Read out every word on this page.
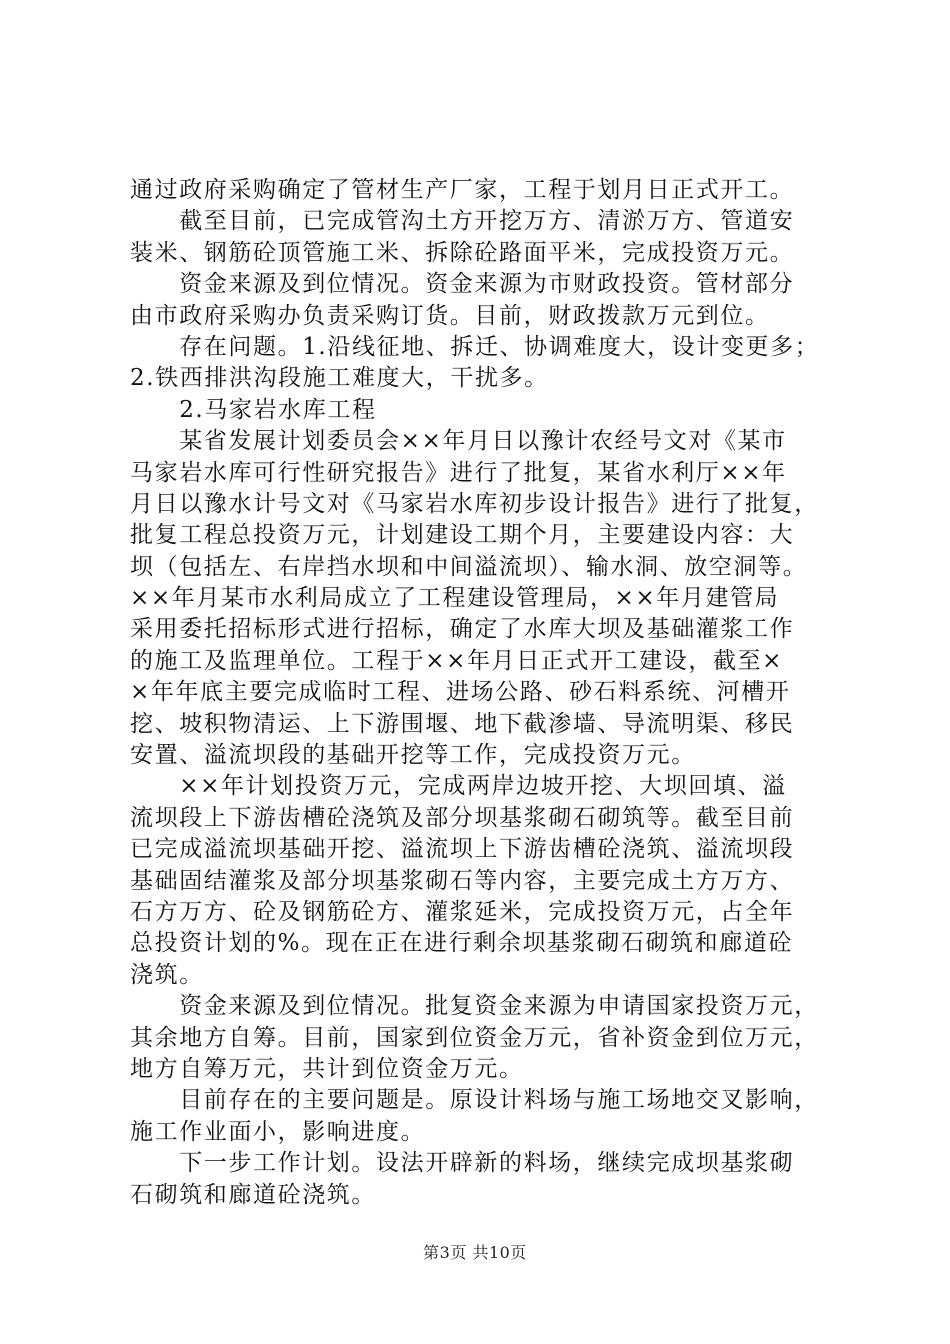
通过政府采购确定了管材生产厂家，工程于划月日正式开工。
　　截至目前，已完成管沟土方开挖万方、清淤万方、管道安
装米、钢筋砼顶管施工米、拆除砼路面平米，完成投资万元。
　　资金来源及到位情况。资金来源为市财政投资。管材部分
由市政府采购办负责采购订货。目前，财政拨款万元到位。
　　存在问题。1.沿线征地、拆迁、协调难度大，设计变更多；
2.铁西排洪沟段施工难度大，干扰多。
　　2.马家岩水库工程
　　某省发展计划委员会××年月日以豫计农经号文对《某市
马家岩水库可行性研究报告》进行了批复，某省水利厅××年
月日以豫水计号文对《马家岩水库初步设计报告》进行了批复，
批复工程总投资万元，计划建设工期个月，主要建设内容：大
坝（包括左、右岸挡水坝和中间溢流坝）、输水洞、放空洞等。
××年月某市水利局成立了工程建设管理局，××年月建管局
采用委托招标形式进行招标，确定了水库大坝及基础灌浆工作
的施工及监理单位。工程于××年月日正式开工建设，截至×
×年年底主要完成临时工程、进场公路、砂石料系统、河槽开
挖、坡积物清运、上下游围堰、地下截渗墙、导流明渠、移民
安置、溢流坝段的基础开挖等工作，完成投资万元。
　　××年计划投资万元，完成两岸边坡开挖、大坝回填、溢
流坝段上下游齿槽砼浇筑及部分坝基浆砌石砌筑等。截至目前
已完成溢流坝基础开挖、溢流坝上下游齿槽砼浇筑、溢流坝段
基础固结灌浆及部分坝基浆砌石等内容，主要完成土方万方、
石方万方、砼及钢筋砼方、灌浆延米，完成投资万元，占全年
总投资计划的%。现在正在进行剩余坝基浆砌石砌筑和廊道砼
浇筑。
　　资金来源及到位情况。批复资金来源为申请国家投资万元，
其余地方自筹。目前，国家到位资金万元，省补资金到位万元，
地方自筹万元，共计到位资金万元。
　　目前存在的主要问题是。原设计料场与施工场地交叉影响，
施工作业面小，影响进度。
　　下一步工作计划。设法开辟新的料场，继续完成坝基浆砌
石砌筑和廊道砼浇筑。
第3页 共10页
